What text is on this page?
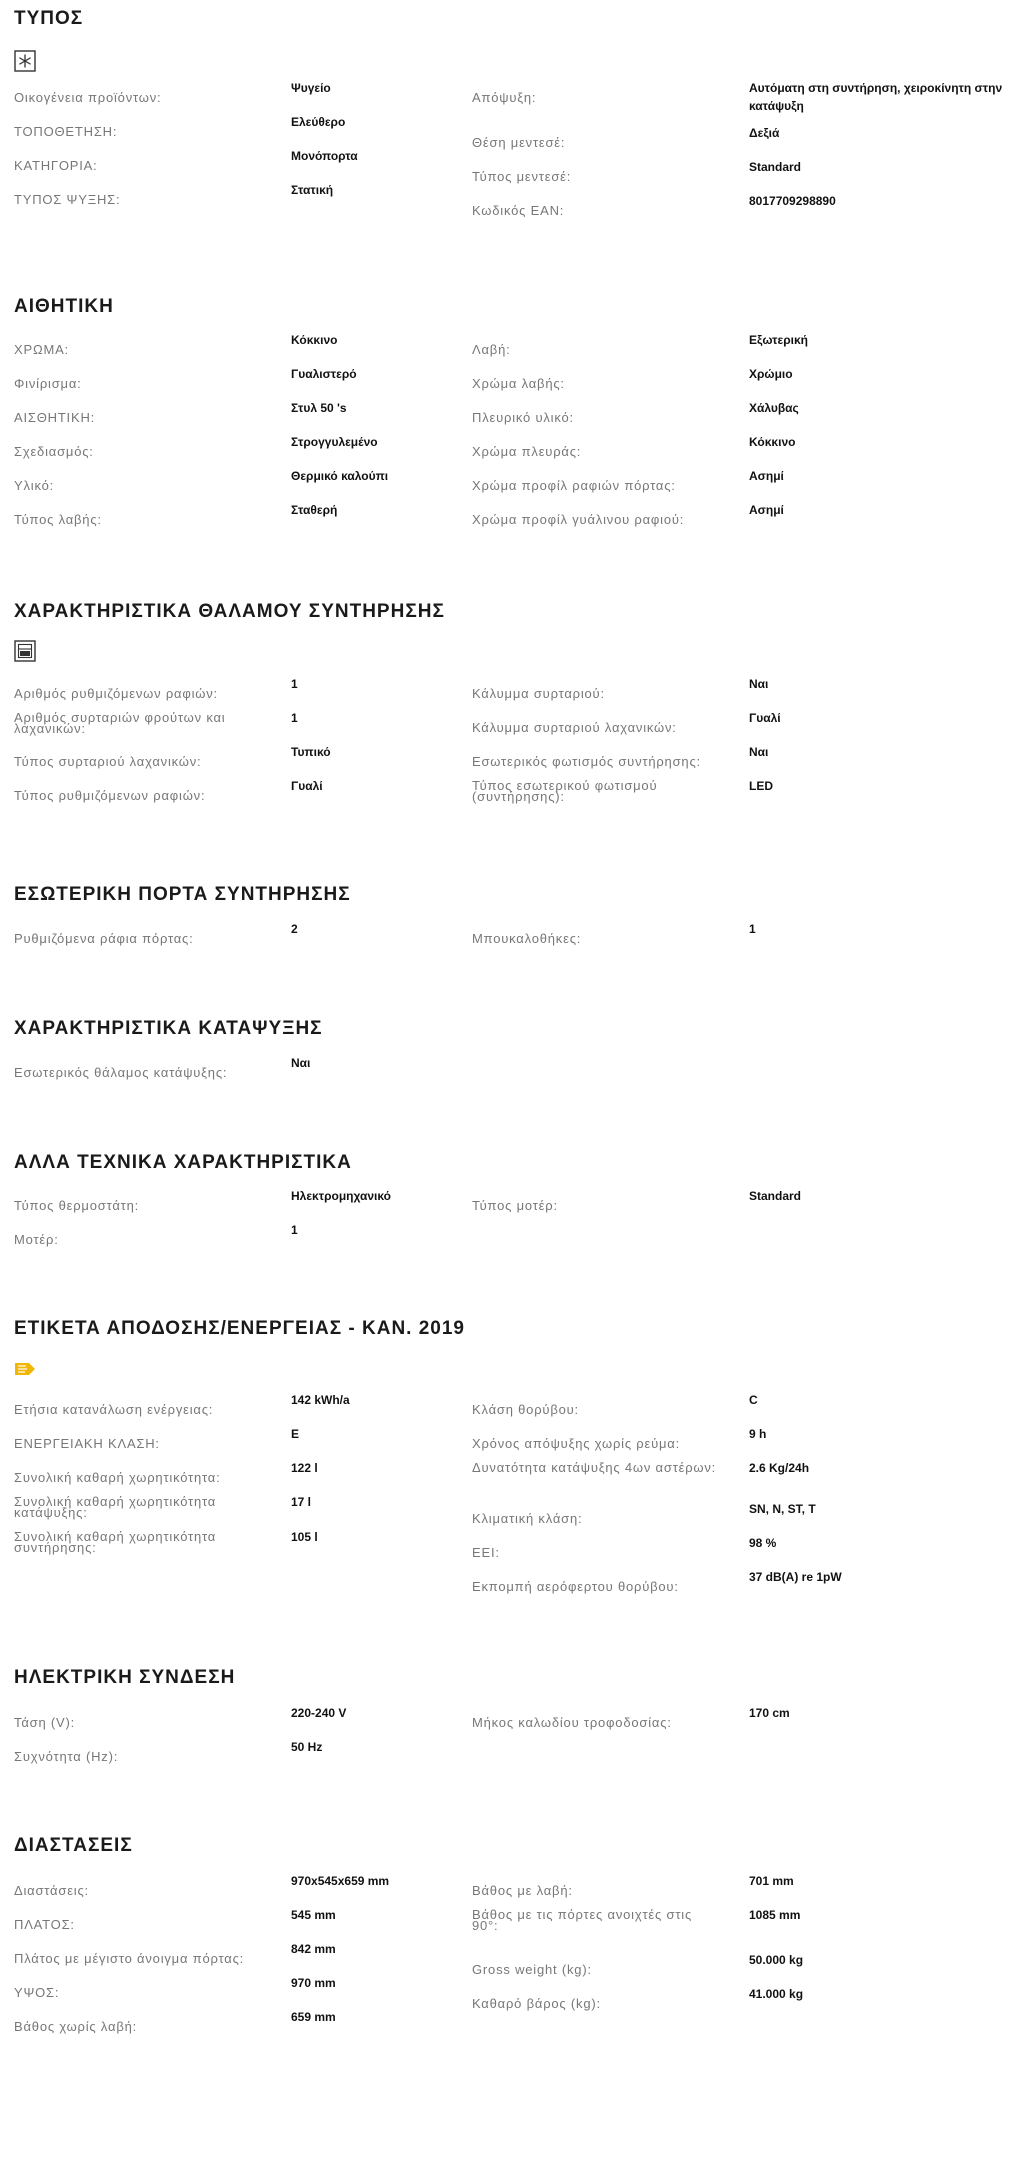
ΤΥΠΟΣ
Οικογένεια προϊόντων:
Ψυγείο
ΤΟΠΟΘΕΤΗΣΗ:
Ελεύθερο
ΚΑΤΗΓΟΡΙΑ:
Μονόπορτα
ΤΥΠΟΣ ΨΥΞΗΣ:
Στατική
Απόψυξη:
Αυτόματη στη συντήρηση, χειροκίνητη στην κατάψυξη
Θέση μεντεσέ:
Δεξιά
Τύπος μεντεσέ:
Standard
Κωδικός EAN:
8017709298890
ΑΙΘΗΤΙΚΗ
ΧΡΩΜΑ:
Κόκκινο
Φινίρισμα:
Γυαλιστερό
ΑΙΣΘΗΤΙΚΗ:
Στυλ 50 's
Σχεδιασμός:
Στρογγυλεμένο
Υλικό:
Θερμικό καλούπι
Τύπος λαβής:
Σταθερή
Λαβή:
Εξωτερική
Χρώμα λαβής:
Χρώμιο
Πλευρικό υλικό:
Χάλυβας
Χρώμα πλευράς:
Κόκκινο
Χρώμα προφίλ ραφιών πόρτας:
Ασημί
Χρώμα προφίλ γυάλινου ραφιού:
Ασημί
ΧΑΡΑΚΤΗΡΙΣΤΙΚΑ ΘΑΛΑΜΟΥ ΣΥΝΤΗΡΗΣΗΣ
Αριθμός ρυθμιζόμενων ραφιών:
1
Αριθμός συρταριών φρούτων και λαχανικών:
1
Τύπος συρταριού λαχανικών:
Τυπικό
Τύπος ρυθμιζόμενων ραφιών:
Γυαλί
Κάλυμμα συρταριού:
Ναι
Κάλυμμα συρταριού λαχανικών:
Γυαλί
Εσωτερικός φωτισμός συντήρησης:
Ναι
Τύπος εσωτερικού φωτισμού (συντήρησης):
LED
ΕΣΩΤΕΡΙΚΗ ΠΟΡΤΑ ΣΥΝΤΗΡΗΣΗΣ
Ρυθμιζόμενα ράφια πόρτας:
2
Μπουκαλοθήκες:
1
ΧΑΡΑΚΤΗΡΙΣΤΙΚΑ ΚΑΤΑΨΥΞΗΣ
Εσωτερικός θάλαμος κατάψυξης:
Ναι
ΑΛΛΑ ΤΕΧΝΙΚΑ ΧΑΡΑΚΤΗΡΙΣΤΙΚΑ
Τύπος θερμοστάτη:
Ηλεκτρομηχανικό
Μοτέρ:
1
Τύπος μοτέρ:
Standard
ΕΤΙΚΕΤΑ ΑΠΟΔΟΣΗΣ/ΕΝΕΡΓΕΙΑΣ - ΚΑΝ. 2019
Ετήσια κατανάλωση ενέργειας:
142 kWh/a
ΕΝΕΡΓΕΙΑΚΗ ΚΛΑΣΗ:
E
Συνολική καθαρή χωρητικότητα:
122 l
Συνολική καθαρή χωρητικότητα κατάψυξης:
17 l
Συνολική καθαρή χωρητικότητα συντήρησης:
105 l
Κλάση θορύβου:
C
Χρόνος απόψυξης χωρίς ρεύμα:
9 h
Δυνατότητα κατάψυξης 4ων αστέρων:	2.6 Kg/24h
Κλιματική κλάση:
SN, N, ST, T
EEI:
98 %
Εκπομπή αερόφερτου θορύβου:
37 dB(A) re 1pW
ΗΛΕΚΤΡΙΚΗ ΣΥΝΔΕΣΗ
Τάση (V):
220-240 V
Συχνότητα (Hz):
50 Hz
Μήκος καλωδίου τροφοδοσίας:
170 cm
ΔΙΑΣΤΑΣΕΙΣ
Διαστάσεις:
970x545x659 mm
ΠΛΑΤΟΣ:
545 mm
Πλάτος με μέγιστο άνοιγμα πόρτας:
842 mm
ΥΨΟΣ:
970 mm
Βάθος χωρίς λαβή:
659 mm
Βάθος με λαβή:
701 mm
Βάθος με τις πόρτες ανοιχτές στις 90°:
1085 mm
Gross weight (kg):
50.000 kg
Καθαρό βάρος (kg):
41.000 kg
